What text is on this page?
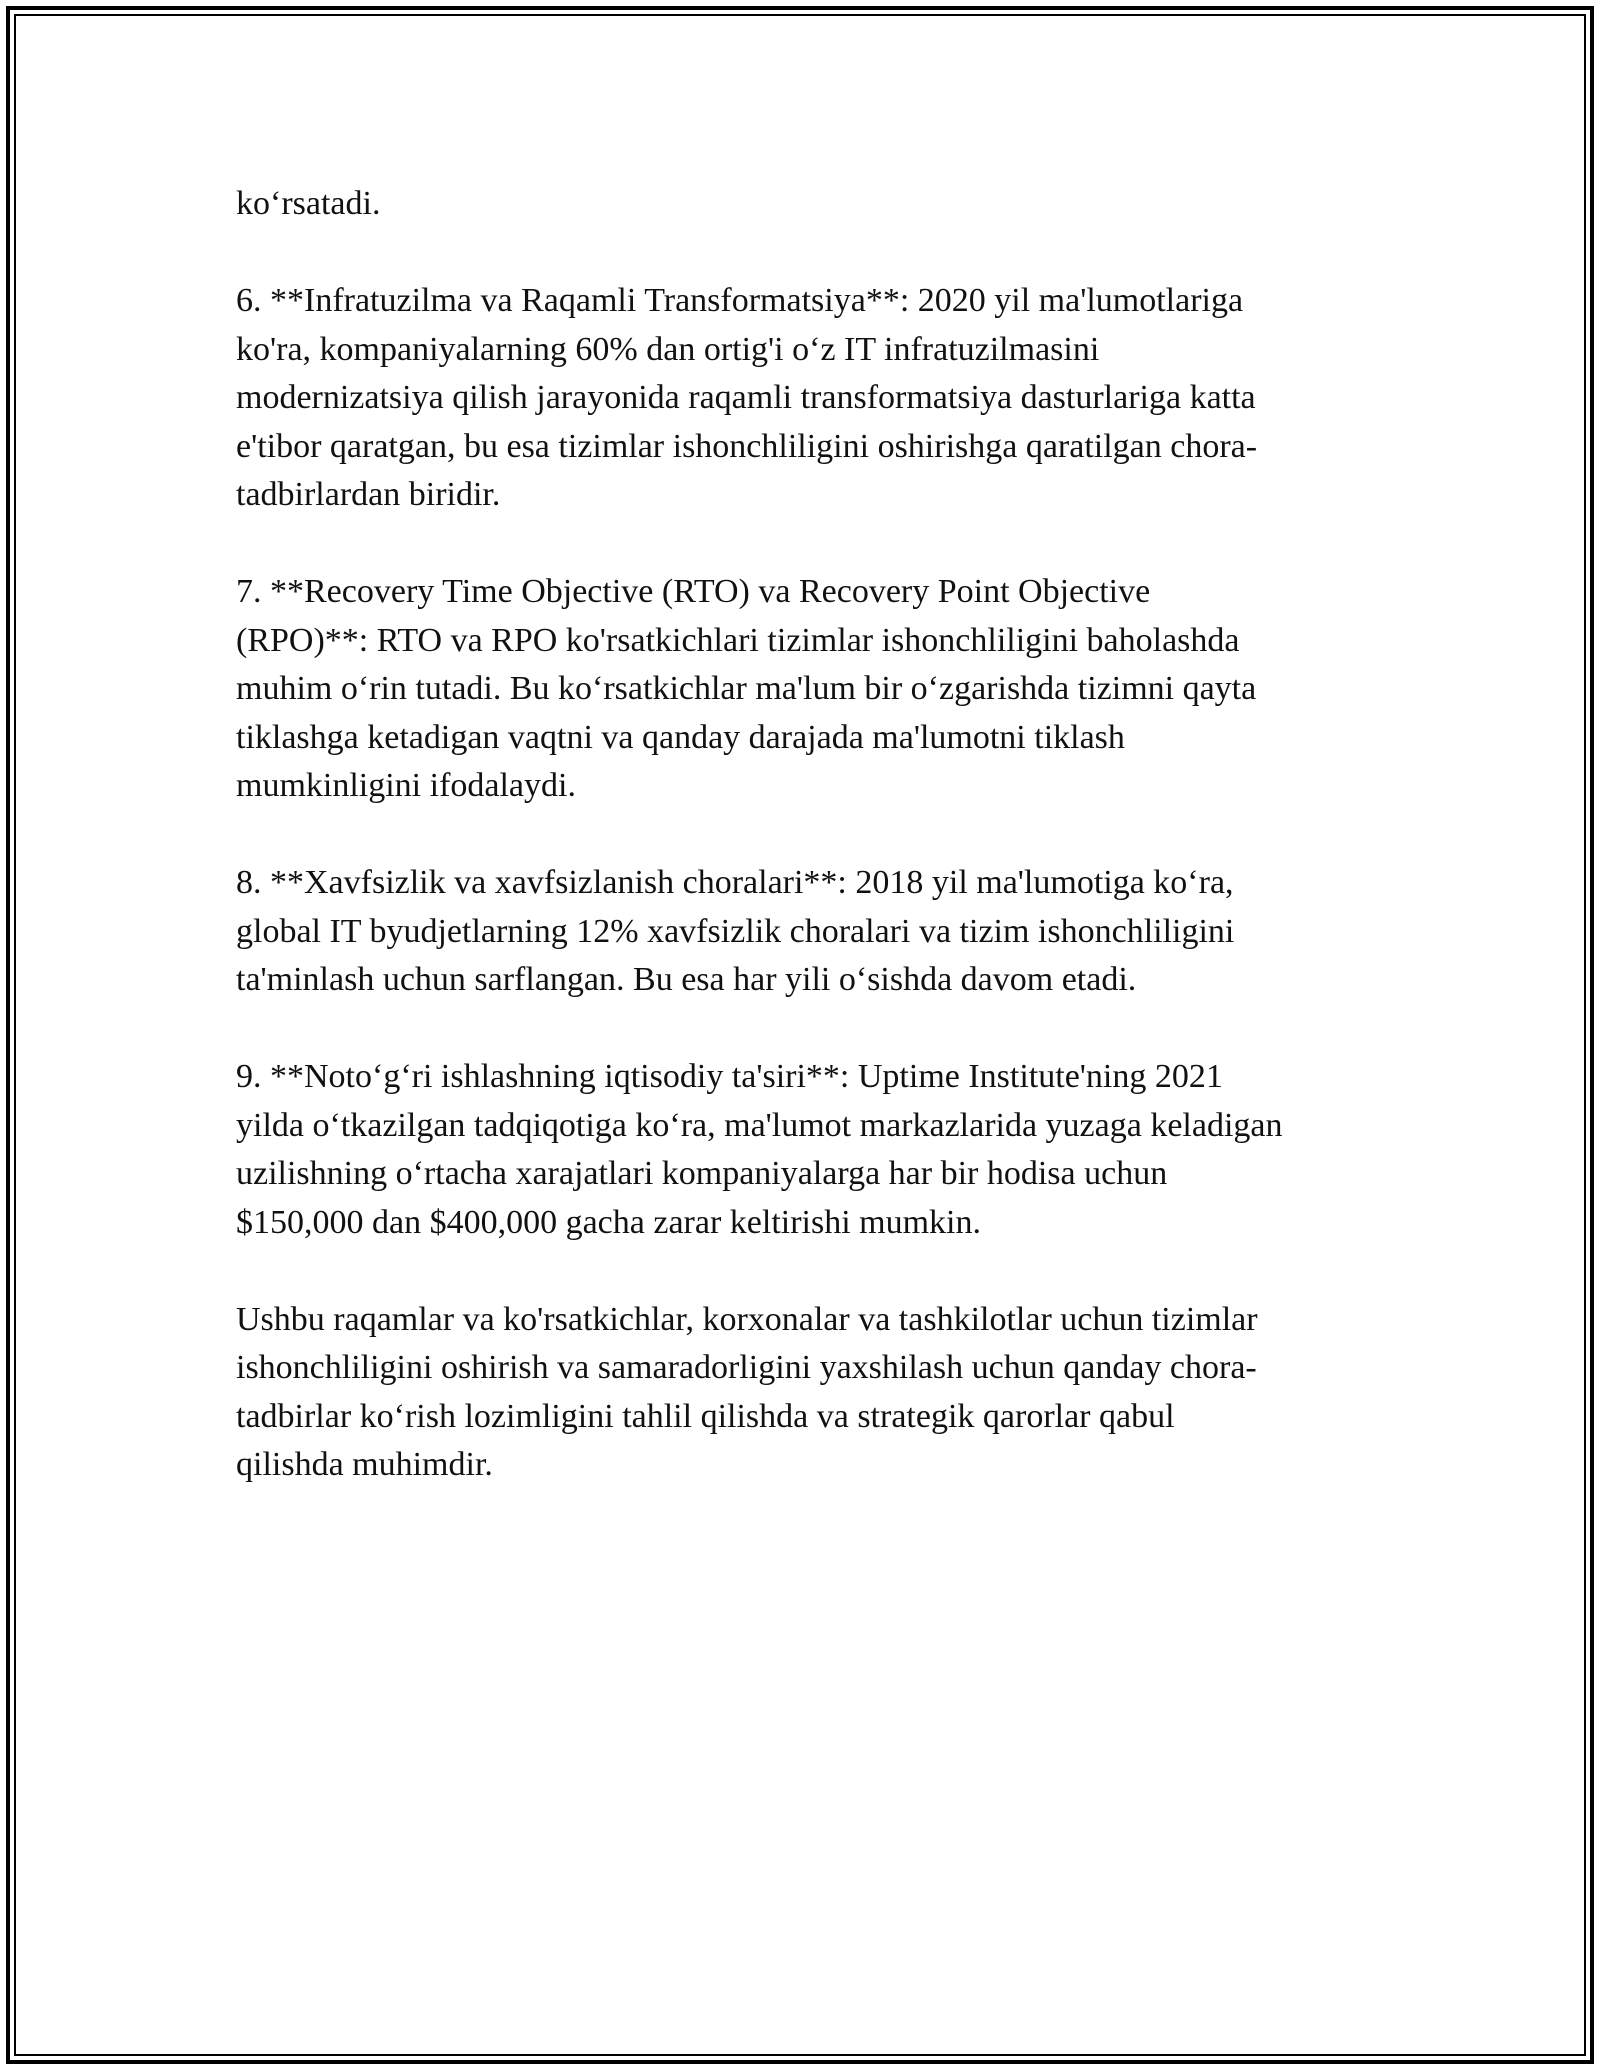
ko‘rsatadi.

6. **Infratuzilma va Raqamli Transformatsiya**: 2020 yil ma'lumotlariga
ko'ra, kompaniyalarning 60% dan ortig'i o‘z IT infratuzilmasini
modernizatsiya qilish jarayonida raqamli transformatsiya dasturlariga katta
e'tibor qaratgan, bu esa tizimlar ishonchliligini oshirishga qaratilgan chora-
tadbirlardan biridir.

7. **Recovery Time Objective (RTO) va Recovery Point Objective
(RPO)**: RTO va RPO ko'rsatkichlari tizimlar ishonchliligini baholashda
muhim o‘rin tutadi. Bu ko‘rsatkichlar ma'lum bir o‘zgarishda tizimni qayta
tiklashga ketadigan vaqtni va qanday darajada ma'lumotni tiklash
mumkinligini ifodalaydi.

8. **Xavfsizlik va xavfsizlanish choralari**: 2018 yil ma'lumotiga ko‘ra,
global IT byudjetlarning 12% xavfsizlik choralari va tizim ishonchliligini
ta'minlash uchun sarflangan. Bu esa har yili o‘sishda davom etadi.

9. **Noto‘g‘ri ishlashning iqtisodiy ta'siri**: Uptime Institute'ning 2021
yilda o‘tkazilgan tadqiqotiga ko‘ra, ma'lumot markazlarida yuzaga keladigan
uzilishning o‘rtacha xarajatlari kompaniyalarga har bir hodisa uchun
$150,000 dan $400,000 gacha zarar keltirishi mumkin.

Ushbu raqamlar va ko'rsatkichlar, korxonalar va tashkilotlar uchun tizimlar
ishonchliligini oshirish va samaradorligini yaxshilash uchun qanday chora-
tadbirlar ko‘rish lozimligini tahlil qilishda va strategik qarorlar qabul
qilishda muhimdir.
